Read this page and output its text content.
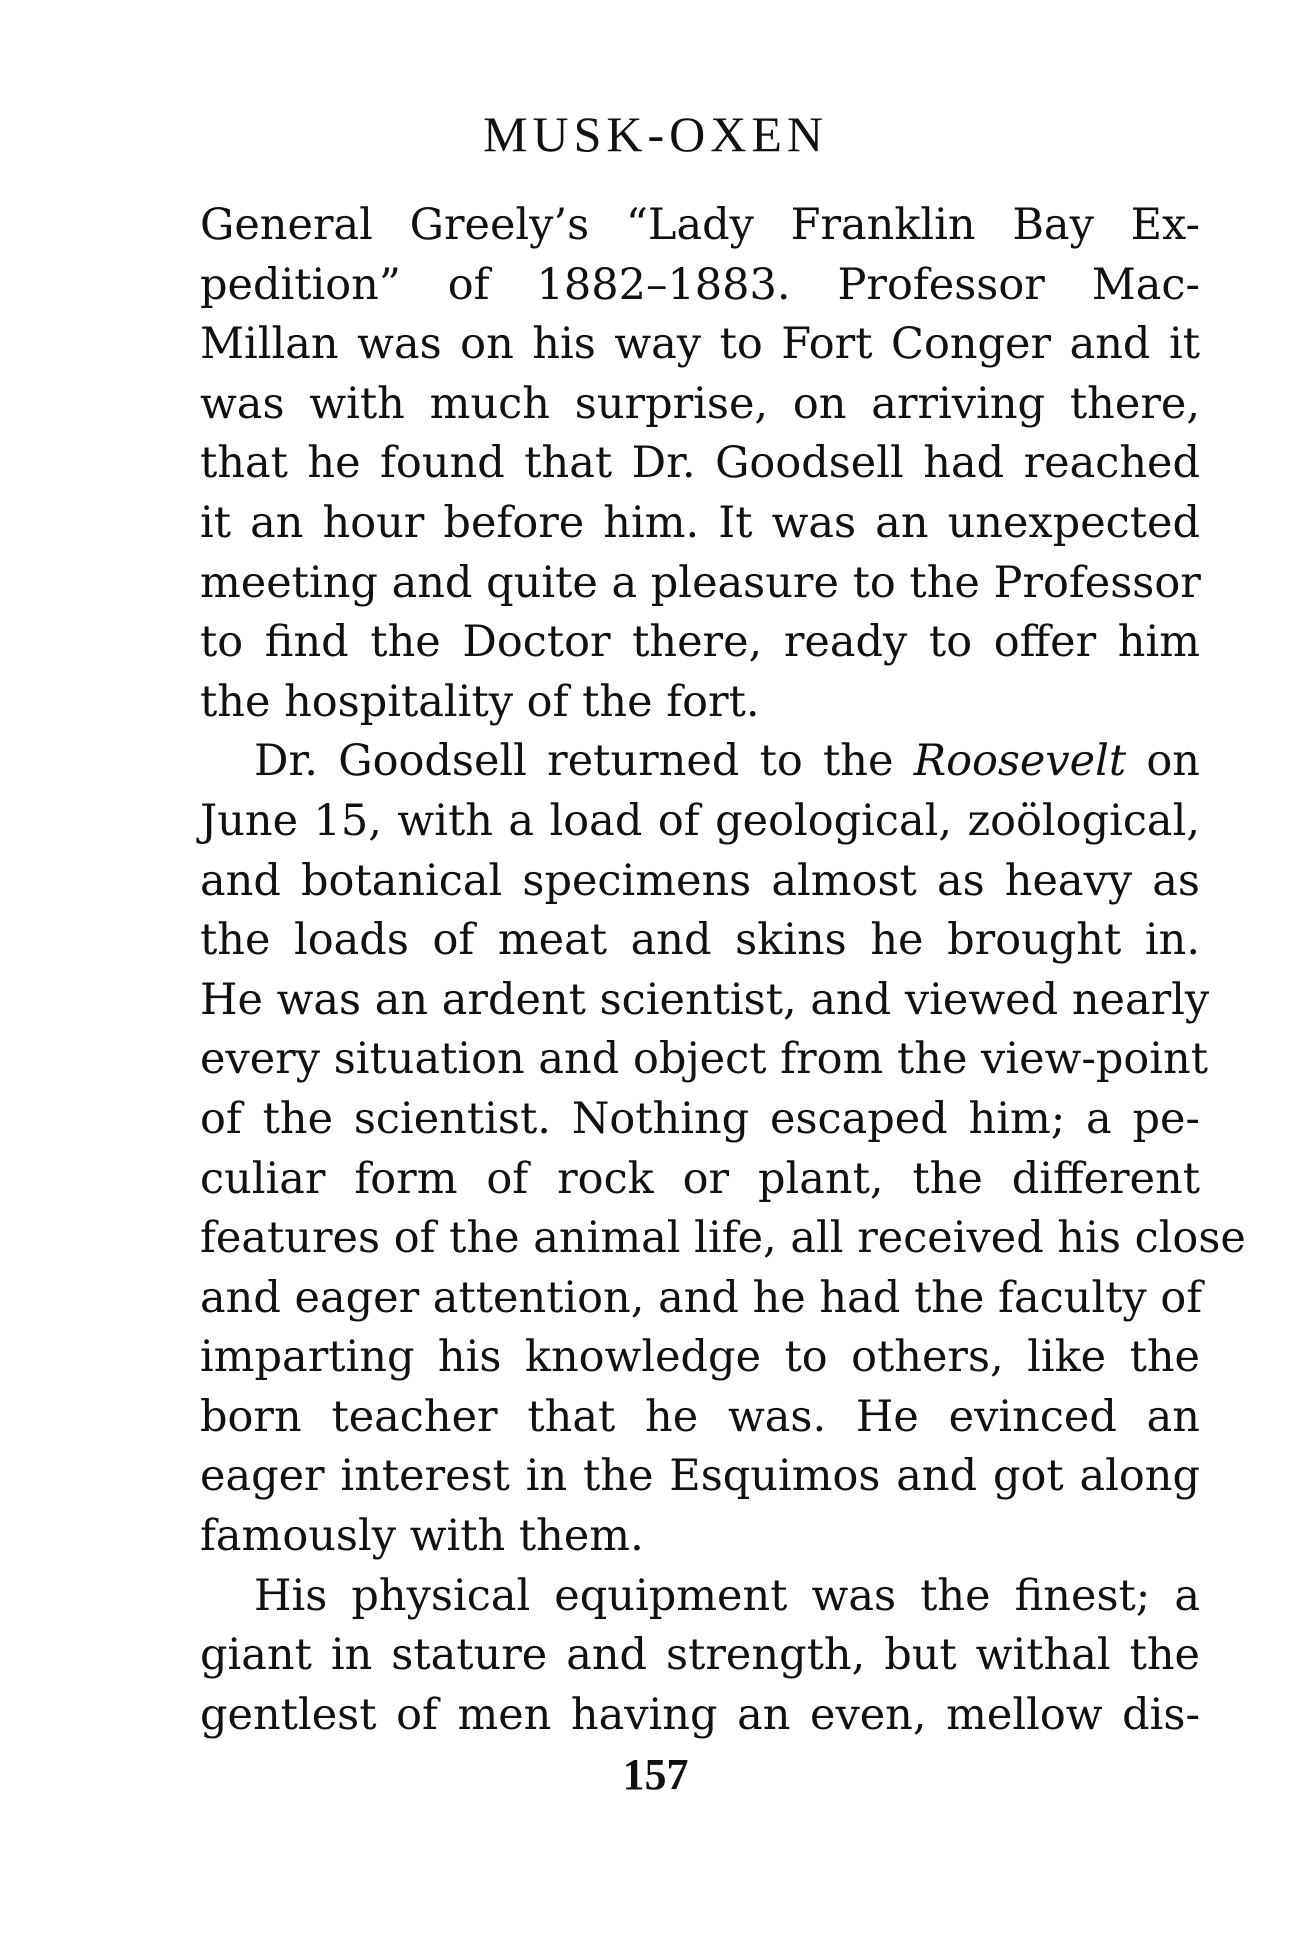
MUSK-OXEN
General Greely’s “Lady Franklin Bay Ex-
pedition” of 1882–1883. Professor Mac-
Millan was on his way to Fort Conger and it
was with much surprise, on arriving there,
that he found that Dr. Goodsell had reached
it an hour before him. It was an unexpected
meeting and quite a pleasure to the Professor
to find the Doctor there, ready to offer him
the hospitality of the fort.
Dr. Goodsell returned to the Roosevelt on
June 15, with a load of geological, zoölogical,
and botanical specimens almost as heavy as
the loads of meat and skins he brought in.
He was an ardent scientist, and viewed nearly
every situation and object from the view-point
of the scientist. Nothing escaped him; a pe-
culiar form of rock or plant, the different
features of the animal life, all received his close
and eager attention, and he had the faculty of
imparting his knowledge to others, like the
born teacher that he was. He evinced an
eager interest in the Esquimos and got along
famously with them.
His physical equipment was the finest; a
giant in stature and strength, but withal the
gentlest of men having an even, mellow dis-
157
